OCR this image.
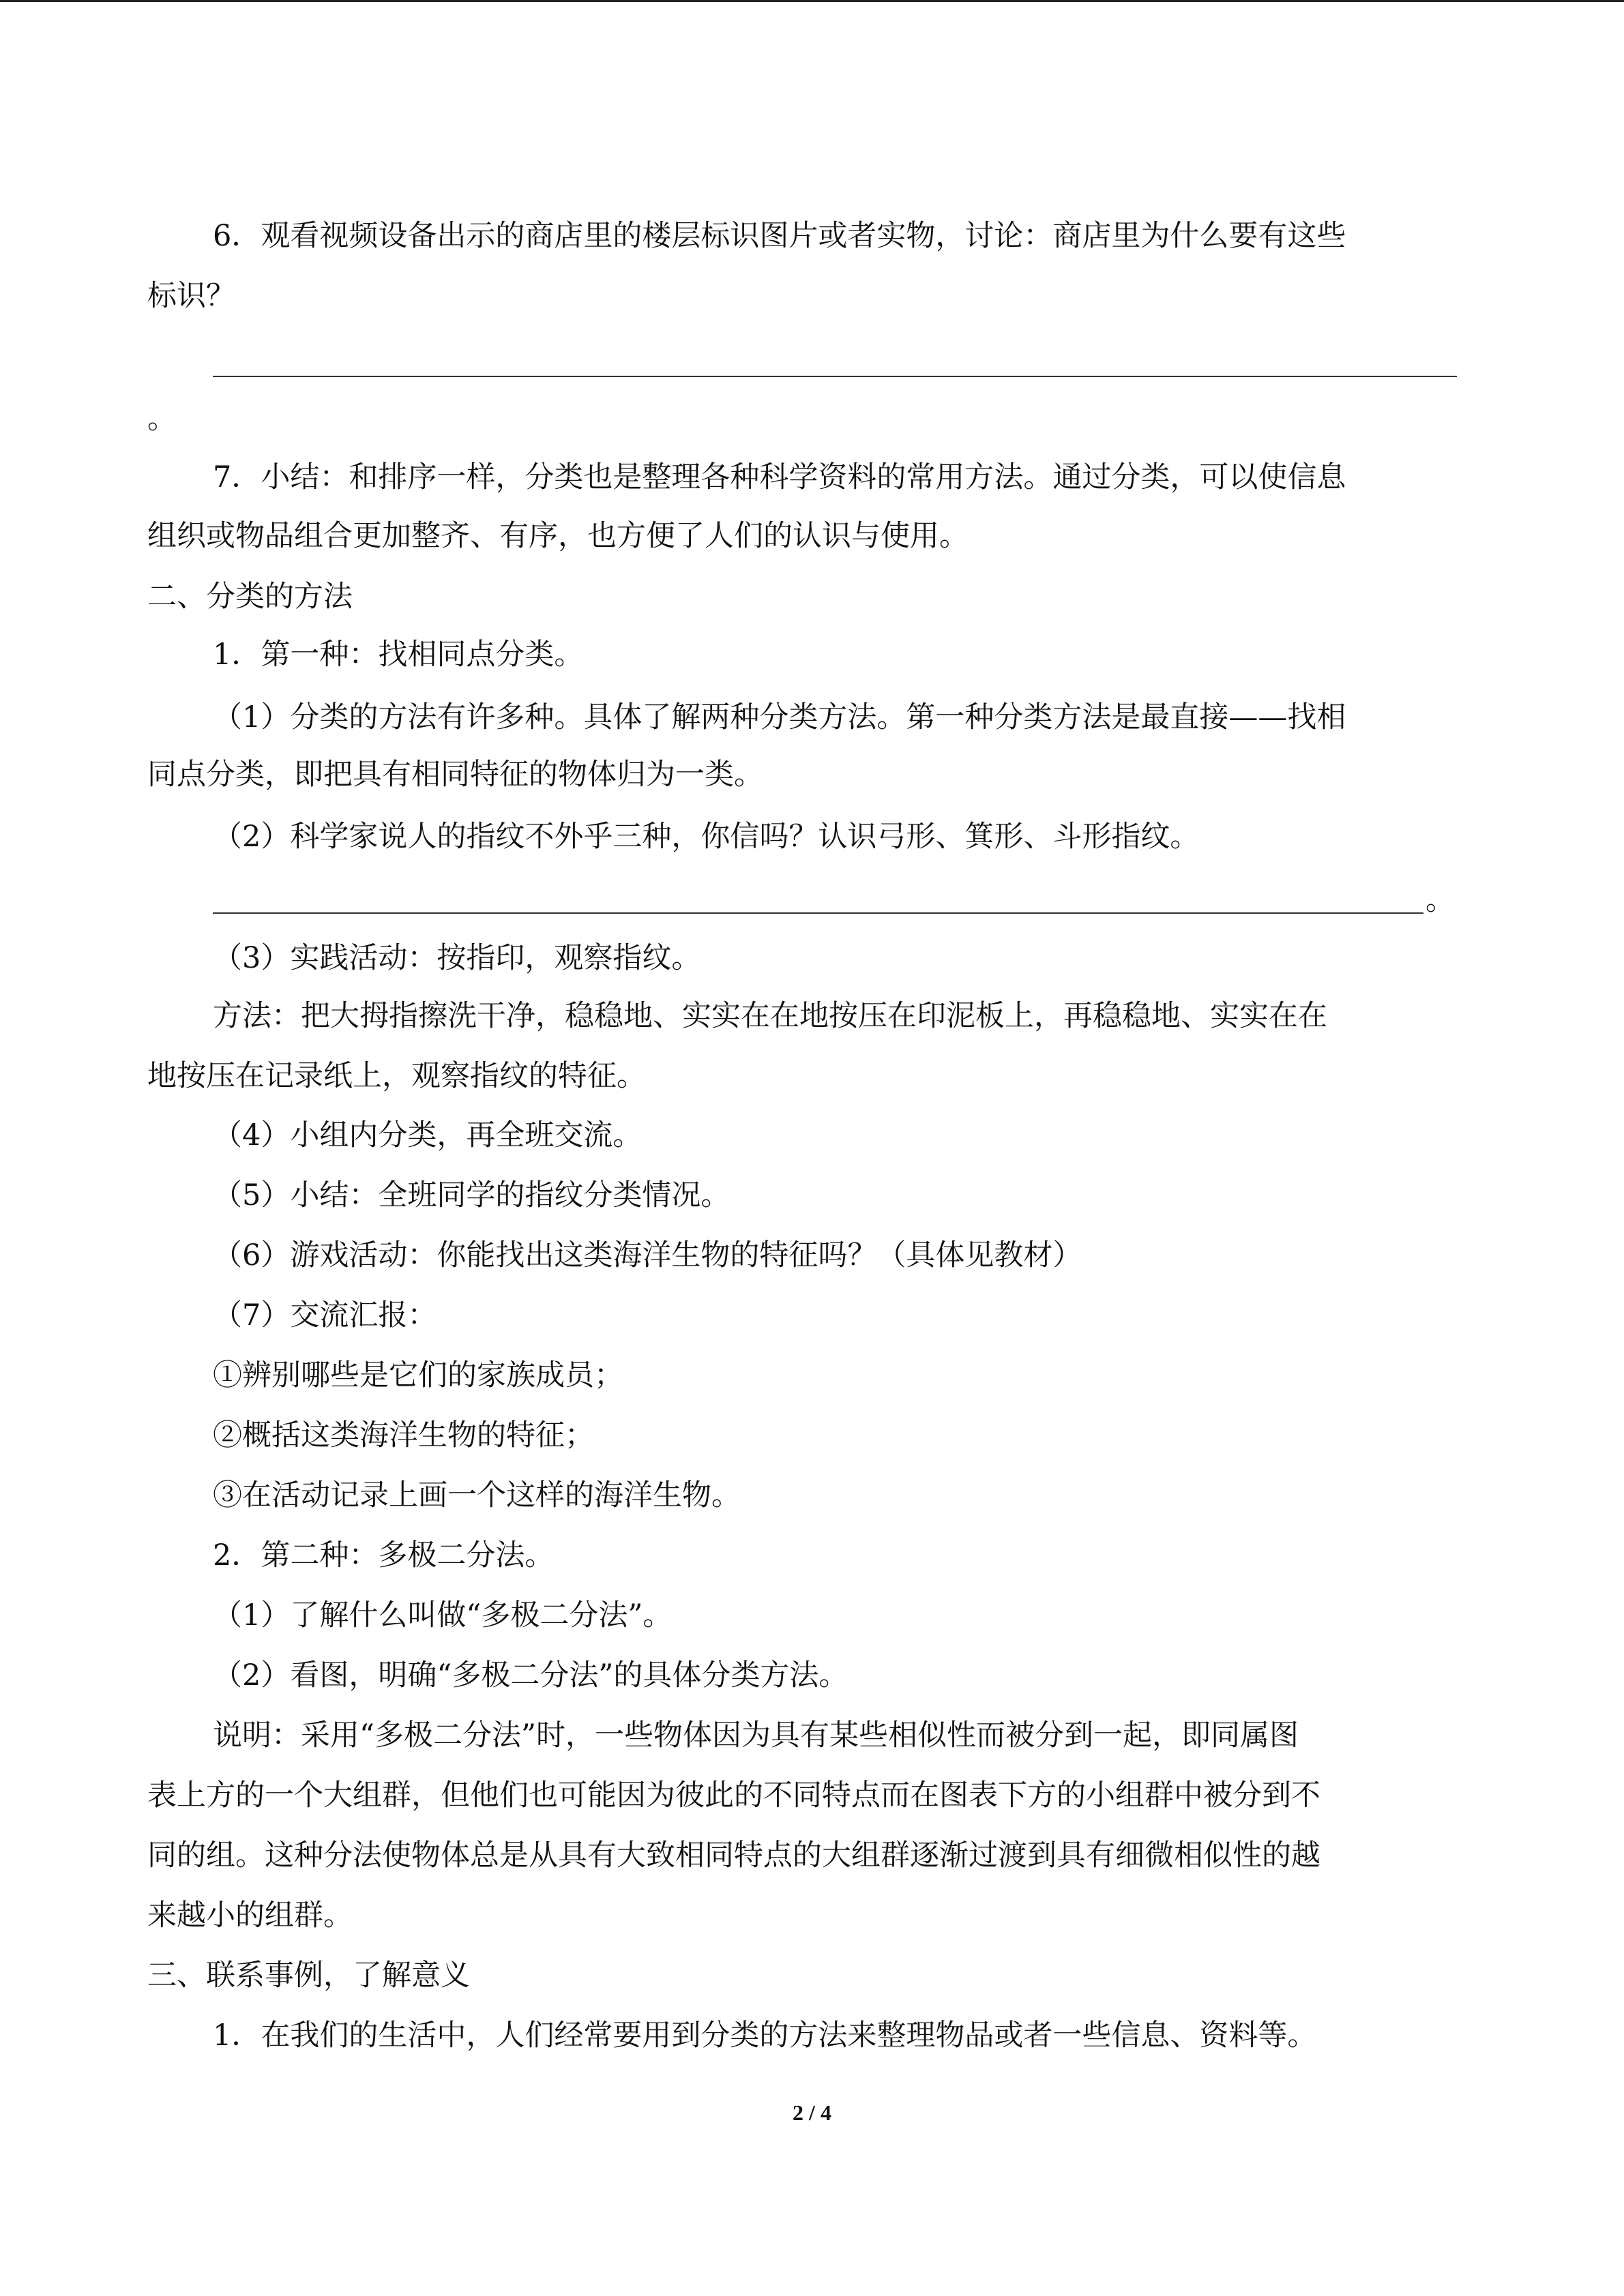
6．观看视频设备出示的商店里的楼层标识图片或者实物，讨论：商店里为什么要有这些
标识？
。
7．小结：和排序一样，分类也是整理各种科学资料的常用方法。通过分类，可以使信息
组织或物品组合更加整齐、有序，也方便了人们的认识与使用。
二、分类的方法
1．第一种：找相同点分类。
（1）分类的方法有许多种。具体了解两种分类方法。第一种分类方法是最直接——找相
同点分类，即把具有相同特征的物体归为一类。
（2）科学家说人的指纹不外乎三种，你信吗？认识弓形、箕形、斗形指纹。
。
（3）实践活动：按指印，观察指纹。
方法：把大拇指擦洗干净，稳稳地、实实在在地按压在印泥板上，再稳稳地、实实在在
地按压在记录纸上，观察指纹的特征。
（4）小组内分类，再全班交流。
（5）小结：全班同学的指纹分类情况。
（6）游戏活动：你能找出这类海洋生物的特征吗？（具体见教材）
（7）交流汇报：
①辨别哪些是它们的家族成员；
②概括这类海洋生物的特征；
③在活动记录上画一个这样的海洋生物。
2．第二种：多极二分法。
（1）了解什么叫做“多极二分法”。
（2）看图，明确“多极二分法”的具体分类方法。
说明：采用“多极二分法”时，一些物体因为具有某些相似性而被分到一起，即同属图
表上方的一个大组群，但他们也可能因为彼此的不同特点而在图表下方的小组群中被分到不
同的组。这种分法使物体总是从具有大致相同特点的大组群逐渐过渡到具有细微相似性的越
来越小的组群。
三、联系事例，了解意义
1．在我们的生活中，人们经常要用到分类的方法来整理物品或者一些信息、资料等。
2 / 4
